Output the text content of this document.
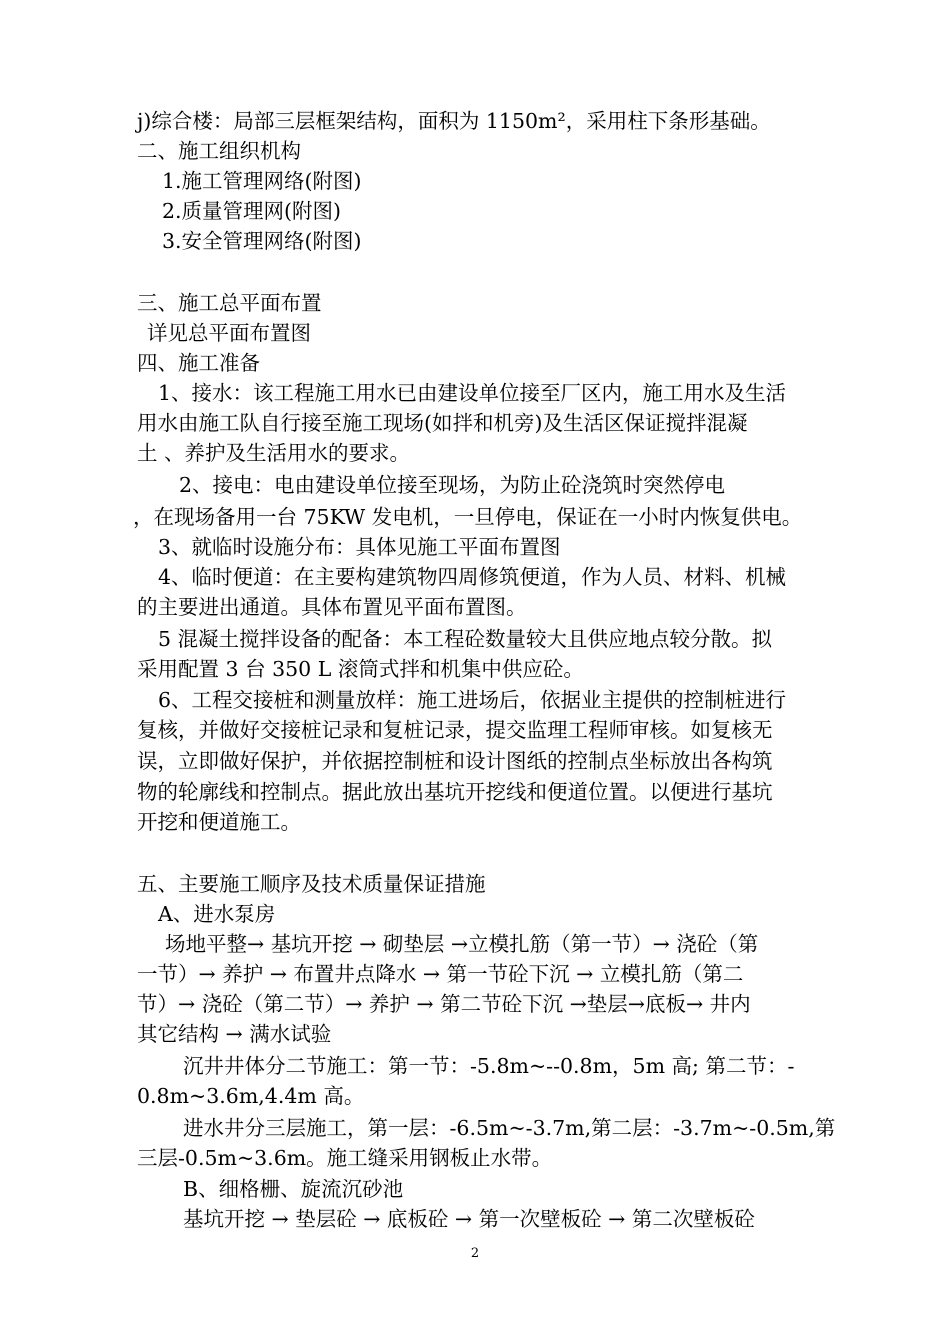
j)综合楼：局部三层框架结构，面积为 1150m²，采用柱下条形基础。
二、施工组织机构
1.施工管理网络(附图)
2.质量管理网(附图)
3.安全管理网络(附图)
三、施工总平面布置
详见总平面布置图
四、施工准备
1、接水：该工程施工用水已由建设单位接至厂区内，施工用水及生活
用水由施工队自行接至施工现场(如拌和机旁)及生活区保证搅拌混凝
土 、养护及生活用水的要求。
2、接电：电由建设单位接至现场，为防止砼浇筑时突然停电
，在现场备用一台 75KW 发电机，一旦停电，保证在一小时内恢复供电。
3、就临时设施分布：具体见施工平面布置图
4、临时便道：在主要构建筑物四周修筑便道，作为人员、材料、机械
的主要进出通道。具体布置见平面布置图。
5 混凝土搅拌设备的配备：本工程砼数量较大且供应地点较分散。拟
采用配置 3 台 350 L 滚筒式拌和机集中供应砼。
6、工程交接桩和测量放样：施工进场后，依据业主提供的控制桩进行
复核，并做好交接桩记录和复桩记录，提交监理工程师审核。如复核无
误，立即做好保护，并依据控制桩和设计图纸的控制点坐标放出各构筑
物的轮廓线和控制点。据此放出基坑开挖线和便道位置。以便进行基坑
开挖和便道施工。
五、主要施工顺序及技术质量保证措施
A、进水泵房
场地平整→ 基坑开挖 → 砌垫层 →立模扎筋（第一节）→ 浇砼（第
一节）→ 养护 → 布置井点降水 → 第一节砼下沉 → 立模扎筋（第二
节）→ 浇砼（第二节）→ 养护 → 第二节砼下沉 →垫层→底板→ 井内
其它结构 → 满水试验
沉井井体分二节施工：第一节：-5.8m~--0.8m，5m 高; 第二节：-
0.8m~3.6m,4.4m 高。
进水井分三层施工，第一层：-6.5m~-3.7m,第二层：-3.7m~-0.5m,第
三层-0.5m~3.6m。施工缝采用钢板止水带。
B、细格栅、旋流沉砂池
基坑开挖 → 垫层砼 → 底板砼 → 第一次壁板砼 → 第二次壁板砼
2
